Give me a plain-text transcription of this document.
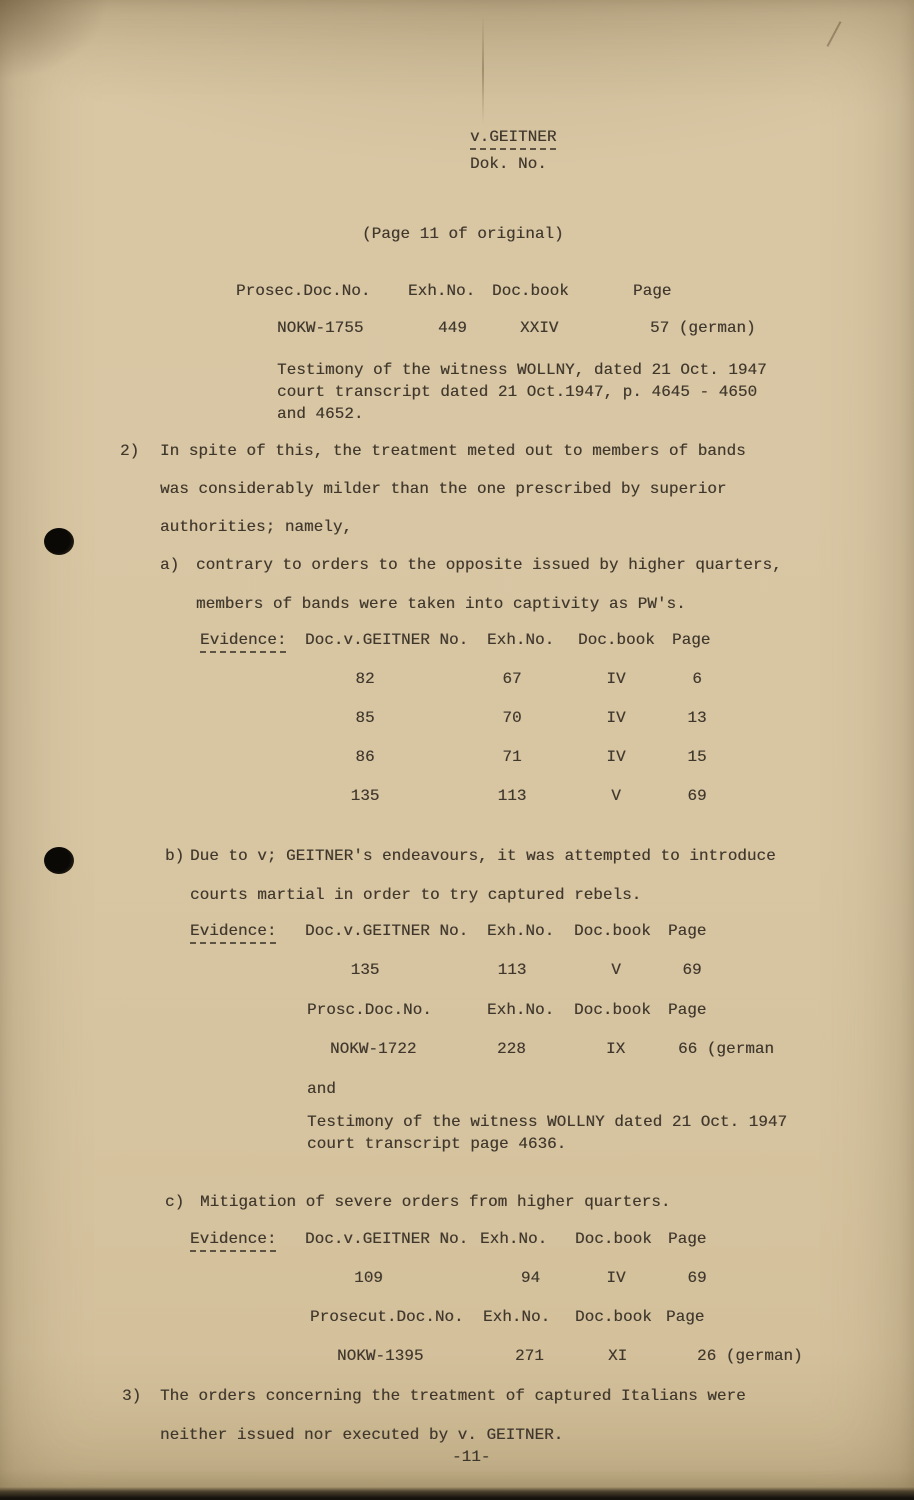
v.GEITNER
Dok. No.
(Page 11 of original)
Prosec.Doc.No. Exh.No. Doc.book	Page
NOKW-1755	449	XXIV	57 (german)
Testimony of the witness WOLLNY, dated 21 Oct. 1947
court transcript dated 21 Oct.1947, p. 4645 - 4650
and 4652.
2) In spite of this, the treatment meted out to members of bands
was considerably milder than the one prescribed by superior
authorities; namely,
a) contrary to orders to the opposite issued by higher quarters,
members of bands were taken into captivity as PW's.
Evidence: Doc.v.GEITNER No. Exh.No. Doc.book Page
82	67	IV	6
85	70	IV	13
86	71	IV	15
135	113	V	69
b) Due to v; GEITNER's endeavours, it was attempted to introduce
courts martial in order to try captured rebels.
Evidence: Doc.v.GEITNER No. Exh.No. Doc.book Page
135	113	V	69
Prosc.Doc.No.	Exh.No. Doc.book Page
NOKW-1722	228	IX	66 (german
and
Testimony of the witness WOLLNY dated 21 Oct. 1947
court transcript page 4636.
c) Mitigation of severe orders from higher quarters.
Evidence: Doc.v.GEITNER No. Exh.No. Doc.book Page
109	94	IV	69
Prosecut.Doc.No. Exh.No. Doc.book Page
NOKW-1395	271	XI	26 (german)
3) The orders concerning the treatment of captured Italians were
neither issued nor executed by v. GEITNER.
-11-
